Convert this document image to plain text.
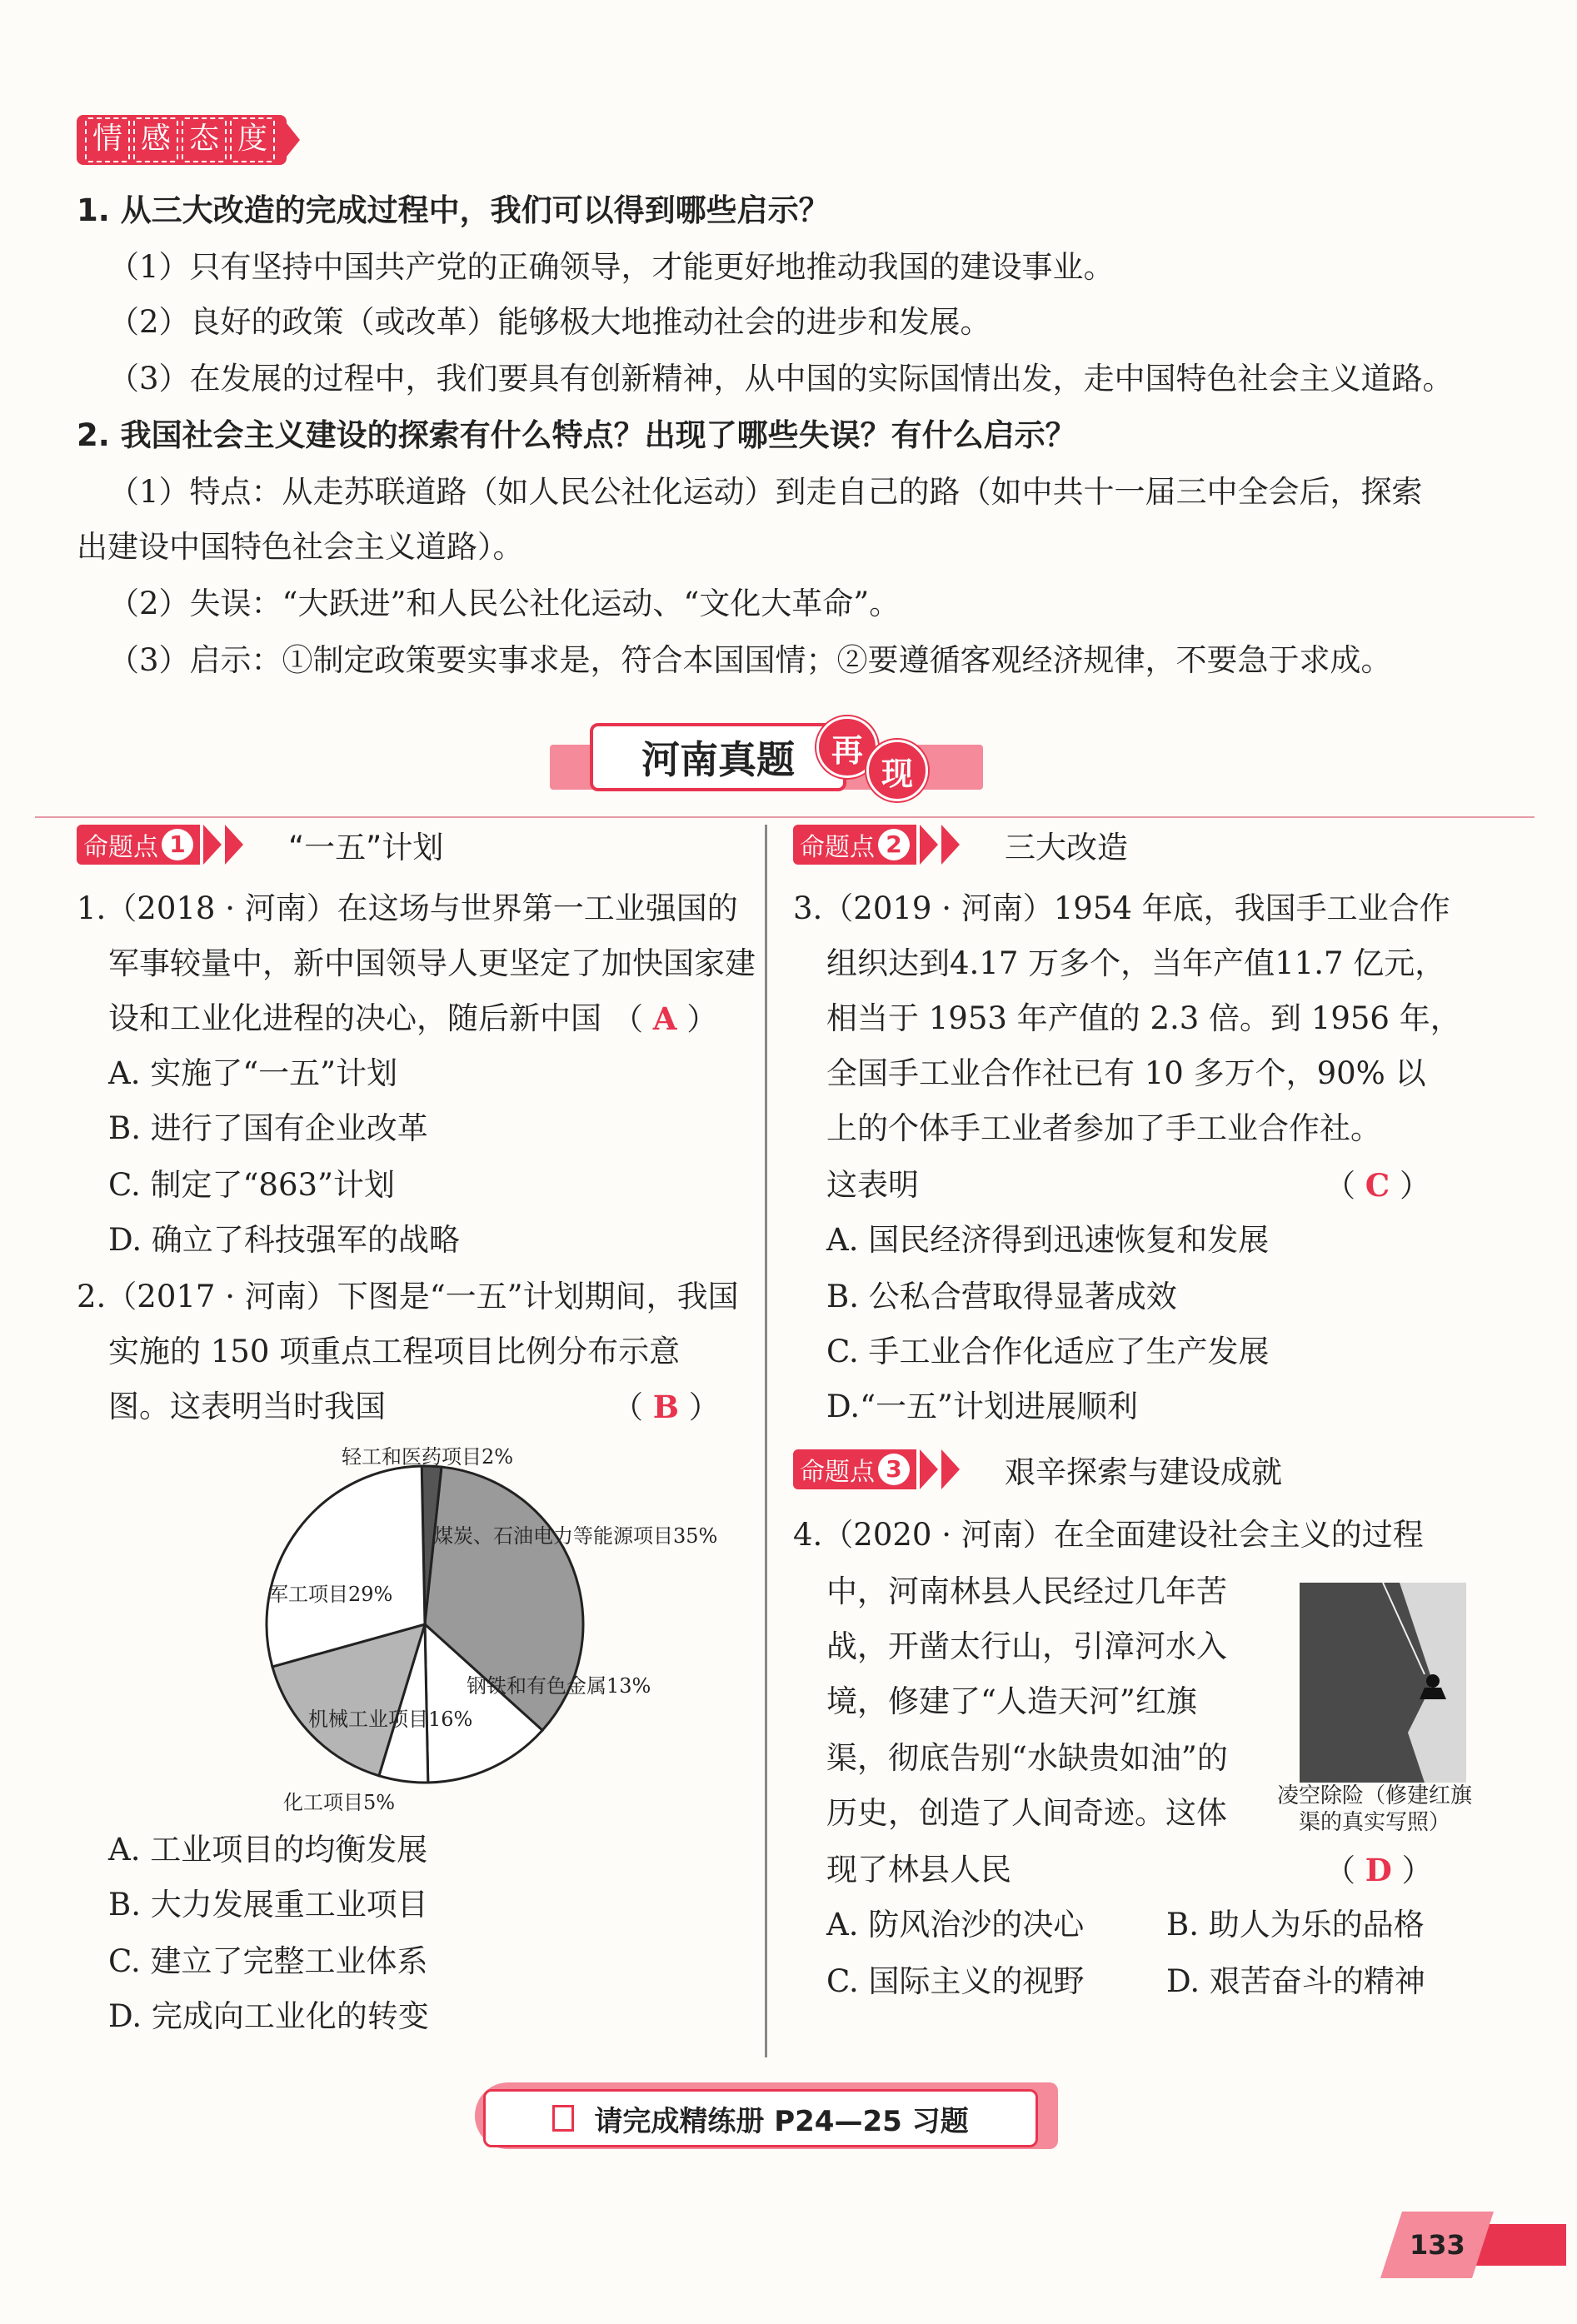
情 感 态 度
1. 从三大改造的完成过程中，我们可以得到哪些启示？
（1）只有坚持中国共产党的正确领导，才能更好地推动我国的建设事业。
（2）良好的政策（或改革）能够极大地推动社会的进步和发展。
（3）在发展的过程中，我们要具有创新精神，从中国的实际国情出发，走中国特色社会主义道路。
2. 我国社会主义建设的探索有什么特点？出现了哪些失误？有什么启示？
（1）特点：从走苏联道路（如人民公社化运动）到走自己的路（如中共十一届三中全会后，探索
出建设中国特色社会主义道路）。
（2）失误：“大跃进”和人民公社化运动、“文化大革命”。
（3）启示：①制定政策要实事求是，符合本国国情；②要遵循客观经济规律，不要急于求成。
河南真题	再
现
命题点 1	“一五”计划
1.（2018 · 河南）在这场与世界第一工业强国的
军事较量中，新中国领导人更坚定了加快国家建
设和工业化进程的决心，随后新中国 （ A ）
A. 实施了“一五”计划
B. 进行了国有企业改革
C. 制定了“863”计划
D. 确立了科技强军的战略
2.（2017 · 河南）下图是“一五”计划期间，我国
实施的 150 项重点工程项目比例分布示意
图。这表明当时我国	（ B ）
轻工和医药项目2%
化工项目5%
军工项目29%
机械工业项目16%
钢铁和有色金属13%
煤炭、石油电力等能源项目35%
A. 工业项目的均衡发展
B. 大力发展重工业项目
C. 建立了完整工业体系
D. 完成向工业化的转变
命题点 2	三大改造
3.（2019 · 河南）1954 年底，我国手工业合作
组织达到4.17 万多个，当年产值11.7 亿元，
相当于 1953 年产值的 2.3 倍。到 1956 年，
全国手工业合作社已有 10 多万个，90% 以
上的个体手工业者参加了手工业合作社。
这表明	（ C ）
A. 国民经济得到迅速恢复和发展
B. 公私合营取得显著成效
C. 手工业合作化适应了生产发展
D.“一五”计划进展顺利
命题点 3	艰辛探索与建设成就
4.（2020 · 河南）在全面建设社会主义的过程
中，河南林县人民经过几年苦
战，开凿太行山，引漳河水入
境，修建了“人造天河”红旗
渠，彻底告别“水缺贵如油”的
历史，创造了人间奇迹。这体
现了林县人民	（ D ）
凌空除险（修建红旗渠的真实写照）
A. 防风治沙的决心	B. 助人为乐的品格
C. 国际主义的视野	D. 艰苦奋斗的精神
请完成精练册 P24—25 习题
133
